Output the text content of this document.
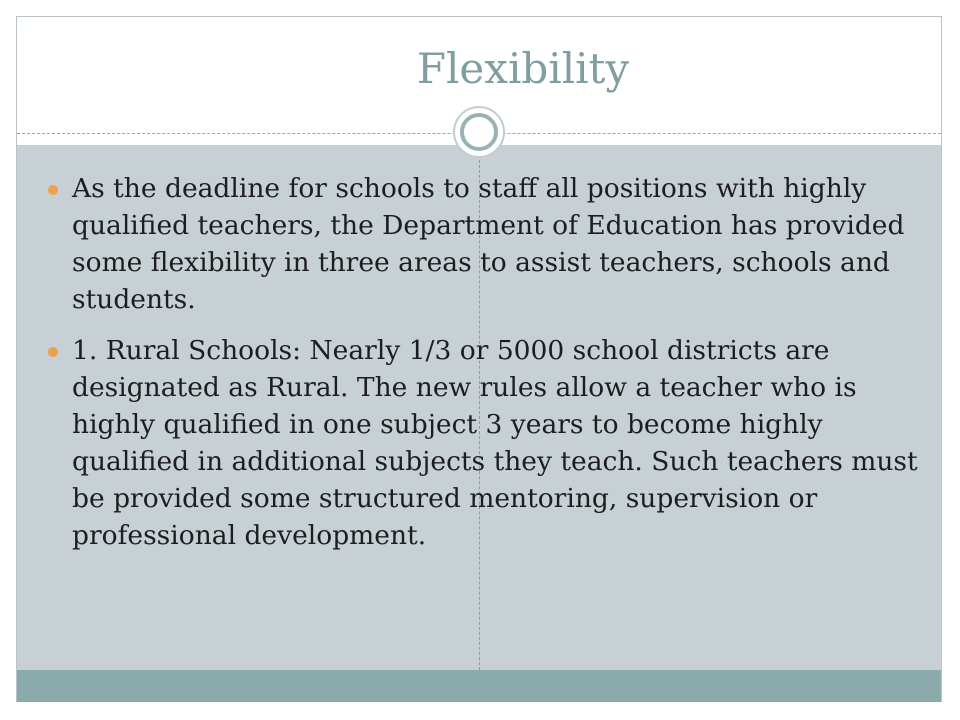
Flexibility
As the deadline for schools to staff all positions with highly qualified teachers, the Department of Education has provided some flexibility in three areas to assist teachers, schools and students.
1. Rural Schools: Nearly 1/3 or 5000 school districts are designated as Rural. The new rules allow a teacher who is highly qualified in one subject 3 years to become highly qualified in additional subjects they teach. Such teachers must be provided some structured mentoring, supervision or professional development.
